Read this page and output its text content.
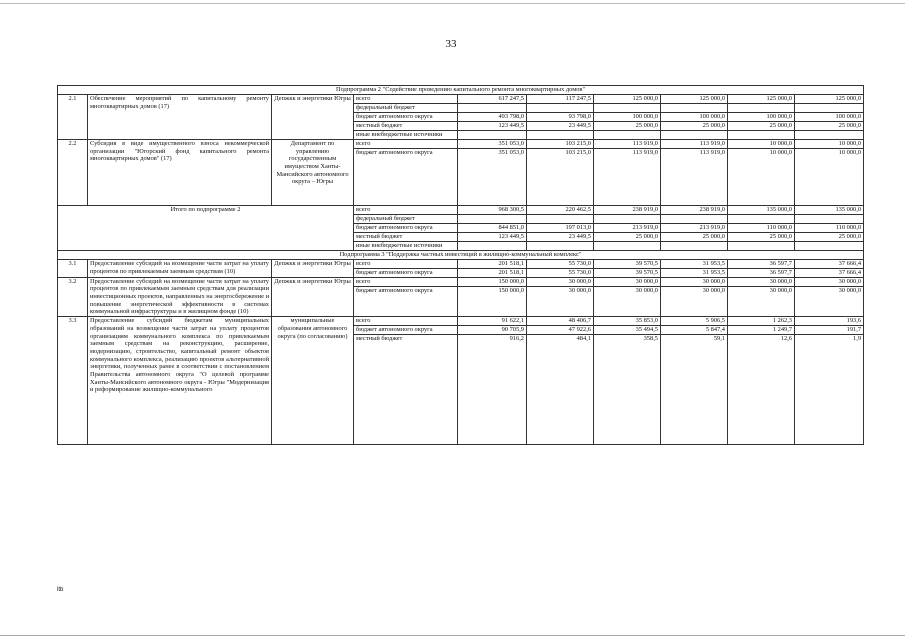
33
Подпрограмма 2 "Содействие проведению капитального ремонта многоквартирных домов"									
2.1	Обеспечение мероприятий по капитальному ремонту многоквартирных домов (17)	Депжкк и энергетики Югры	всего	617 247,5	117 247,5	125 000,0	125 000,0	125 000,0	125 000,0
			федеральный бюджет						
			бюджет автономного округа	493 798,0	93 798,0	100 000,0	100 000,0	100 000,0	100 000,0
			местный бюджет	123 449,5	23 449,5	25 000,0	25 000,0	25 000,0	25 000,0
			иные внебюджетные источники						
2.2	Субсидия в виде имущественного взноса некоммерческой организации "Югорский фонд капитального ремонта многоквартирных домов" (17)	Департамент по управлению государственным имуществом Ханты-Мансийского автономного округа – Югры	всего	351 053,0	103 215,0	113 919,0	113 919,0	10 000,0	10 000,0
			бюджет автономного округа	351 053,0	103 215,0	113 919,0	113 919,0	10 000,0	10 000,0
Итого по подпрограмме 2			всего	968 300,5	220 462,5	238 919,0	238 919,0	135 000,0	135 000,0
			федеральный бюджет						
			бюджет автономного округа	844 851,0	197 013,0	213 919,0	213 919,0	110 000,0	110 000,0
			местный бюджет	123 449,5	23 449,5	25 000,0	25 000,0	25 000,0	25 000,0
			иные внебюджетные источники						
Подпрограмма 3 "Поддержка частных инвестиций в жилищно-коммунальный комплекс"									
3.1	Предоставление субсидий на возмещение части затрат на уплату процентов по привлекаемым заемным средствам (10)	Депжкк и энергетики Югры	всего	201 518,1	55 730,0	39 570,5	31 953,5	36 597,7	37 666,4
			бюджет автономного округа	201 518,1	55 730,0	39 570,5	31 953,5	36 597,7	37 666,4
3.2	Предоставление субсидий на возмещение части затрат на уплату процентов по привлекаемым заемным средствам для реализации инвестиционных проектов, направленных на энергосбережение и повышение энергетической эффективности в системах коммунальной инфраструктуры и в жилищном фонде (10)	Депжкк и энергетики Югры	всего	150 000,0	30 000,0	30 000,0	30 000,0	30 000,0	30 000,0
			бюджет автономного округа	150 000,0	30 000,0	30 000,0	30 000,0	30 000,0	30 000,0
3.3	Предоставление субсидий бюджетам муниципальных образований на возмещение части затрат на уплату процентов организациям коммунального комплекса по привлекаемым заемным средствам на реконструкцию, расширение, модернизацию, строительство, капитальный ремонт объектов коммунального комплекса, реализацию проектов альтернативной энергетики, полученных ранее в соответствии с постановлением Правительства автономного округа "О целевой программе Ханты-Мансийского автономного округа - Югры "Модернизация и реформирование жилищно-коммунального	муниципальные образования автономного округа (по согласованию)	всего	91 622,1	48 406,7	35 853,0	5 906,5	1 262,3	193,6
			бюджет автономного округа	90 705,9	47 922,6	35 494,5	5 847,4	1 249,7	191,7
			местный бюджет	916,2	484,1	358,5	59,1	12,6	1,9
ltb
